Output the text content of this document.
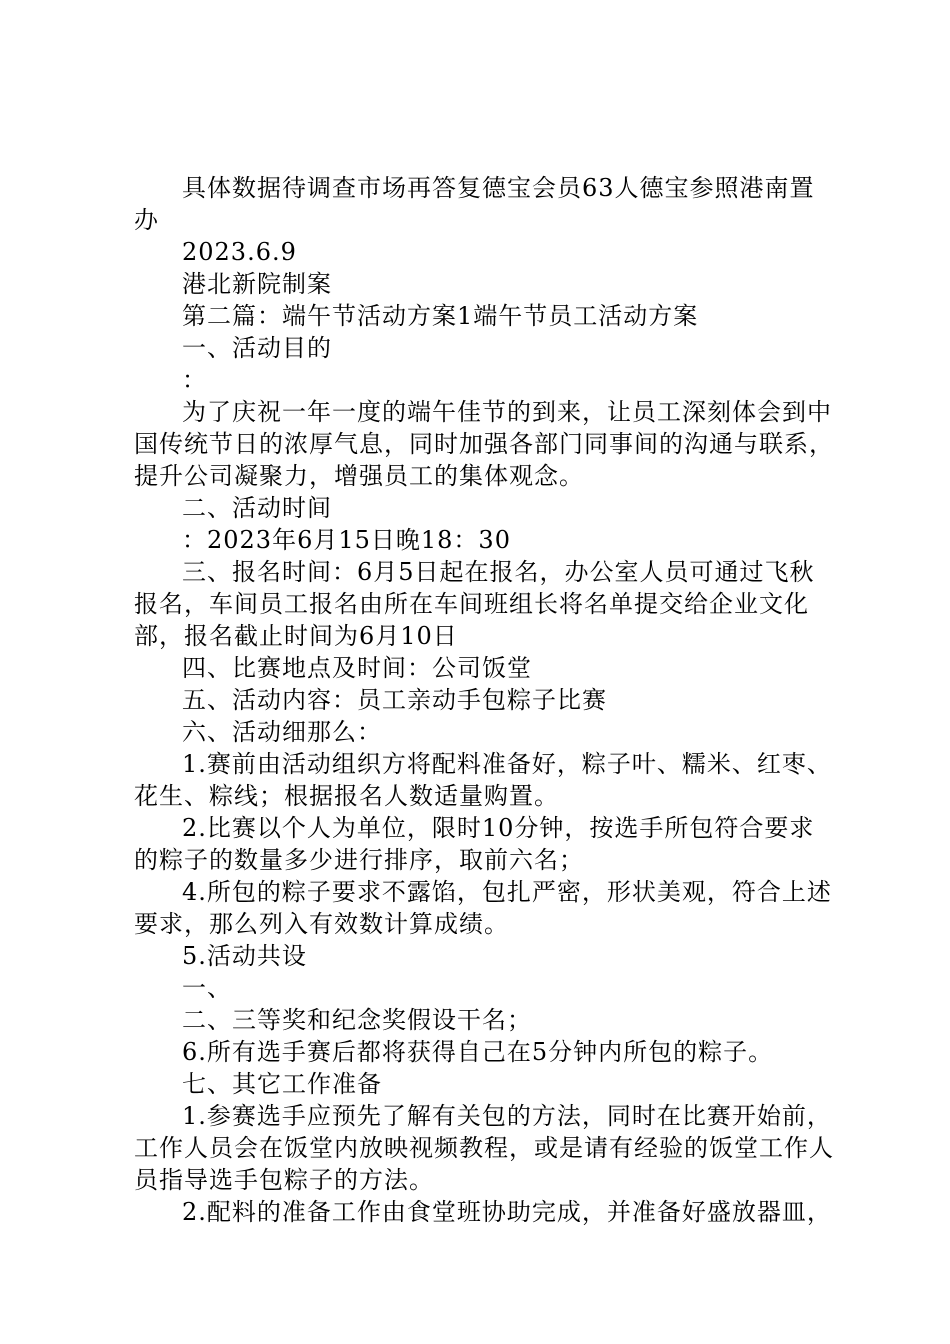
具体数据待调查市场再答复德宝会员63人德宝参照港南置办

2023.6.9

港北新院制案

第二篇：端午节活动方案1端午节员工活动方案

一、活动目的

：

为了庆祝一年一度的端午佳节的到来，让员工深刻体会到中国传统节日的浓厚气息，同时加强各部门同事间的沟通与联系，提升公司凝聚力，增强员工的集体观念。

二、活动时间

：2023年6月15日晚18：30

三、报名时间：6月5日起在报名，办公室人员可通过飞秋报名，车间员工报名由所在车间班组长将名单提交给企业文化部，报名截止时间为6月10日

四、比赛地点及时间：公司饭堂

五、活动内容：员工亲动手包粽子比赛

六、活动细那么：

1.赛前由活动组织方将配料准备好，粽子叶、糯米、红枣、花生、粽线；根据报名人数适量购置。

2.比赛以个人为单位，限时10分钟，按选手所包符合要求的粽子的数量多少进行排序，取前六名；

4.所包的粽子要求不露馅，包扎严密，形状美观，符合上述要求，那么列入有效数计算成绩。

5.活动共设

一、

二、三等奖和纪念奖假设干名；

6.所有选手赛后都将获得自己在5分钟内所包的粽子。

七、其它工作准备

1.参赛选手应预先了解有关包的方法，同时在比赛开始前，工作人员会在饭堂内放映视频教程，或是请有经验的饭堂工作人员指导选手包粽子的方法。

2.配料的准备工作由食堂班协助完成，并准备好盛放器皿，
